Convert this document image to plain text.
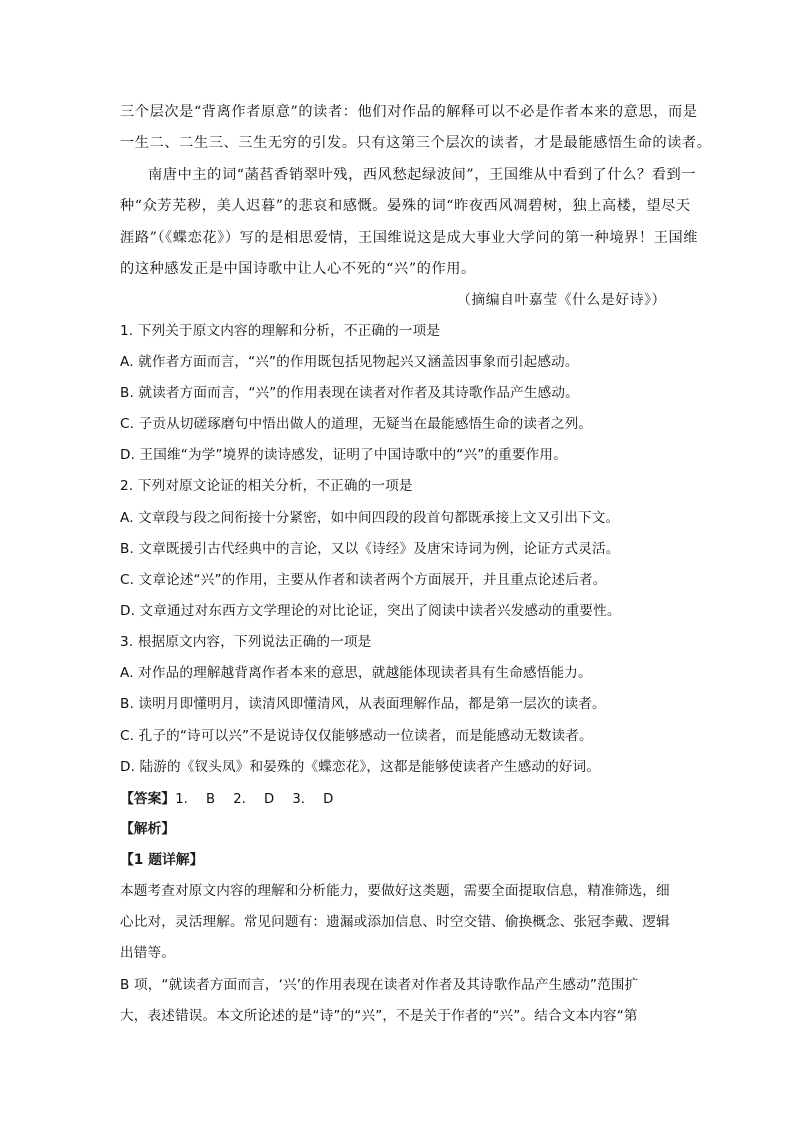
三个层次是“背离作者原意”的读者：他们对作品的解释可以不必是作者本来的意思，而是
一生二、二生三、三生无穷的引发。只有这第三个层次的读者，才是最能感悟生命的读者。
南唐中主的词“菡萏香销翠叶残，西风愁起绿波间”，王国维从中看到了什么？看到一
种“众芳芜秽，美人迟暮”的悲哀和感慨。晏殊的词“昨夜西风凋碧树，独上高楼，望尽天
涯路”（《蝶恋花》）写的是相思爱情，王国维说这是成大事业大学问的第一种境界！王国维
的这种感发正是中国诗歌中让人心不死的“兴”的作用。
（摘编自叶嘉莹《什么是好诗》）
1. 下列关于原文内容的理解和分析，不正确的一项是
A. 就作者方面而言，“兴”的作用既包括见物起兴又涵盖因事象而引起感动。
B. 就读者方面而言，“兴”的作用表现在读者对作者及其诗歌作品产生感动。
C. 子贡从切磋琢磨句中悟出做人的道理，无疑当在最能感悟生命的读者之列。
D. 王国维“为学”境界的读诗感发，证明了中国诗歌中的“兴”的重要作用。
2. 下列对原文论证的相关分析，不正确的一项是
A. 文章段与段之间衔接十分紧密，如中间四段的段首句都既承接上文又引出下文。
B. 文章既援引古代经典中的言论，又以《诗经》及唐宋诗词为例，论证方式灵活。
C. 文章论述“兴”的作用，主要从作者和读者两个方面展开，并且重点论述后者。
D. 文章通过对东西方文学理论的对比论证，突出了阅读中读者兴发感动的重要性。
3. 根据原文内容，下列说法正确的一项是
A. 对作品的理解越背离作者本来的意思，就越能体现读者具有生命感悟能力。
B. 读明月即懂明月，读清风即懂清风，从表面理解作品，都是第一层次的读者。
C. 孔子的“诗可以兴”不是说诗仅仅能够感动一位读者，而是能感动无数读者。
D. 陆游的《钗头凤》和晏殊的《蝶恋花》，这都是能够使读者产生感动的好词。
【答案】1. B 2. D 3. D
【解析】
【1 题详解】
本题考查对原文内容的理解和分析能力，要做好这类题，需要全面提取信息，精准筛选，细
心比对，灵活理解。常见问题有：遗漏或添加信息、时空交错、偷换概念、张冠李戴、逻辑
出错等。
B 项，“就读者方面而言，‘兴’的作用表现在读者对作者及其诗歌作品产生感动”范围扩
大，表述错误。本文所论述的是“诗”的“兴”，不是关于作者的“兴”。结合文本内容“第
